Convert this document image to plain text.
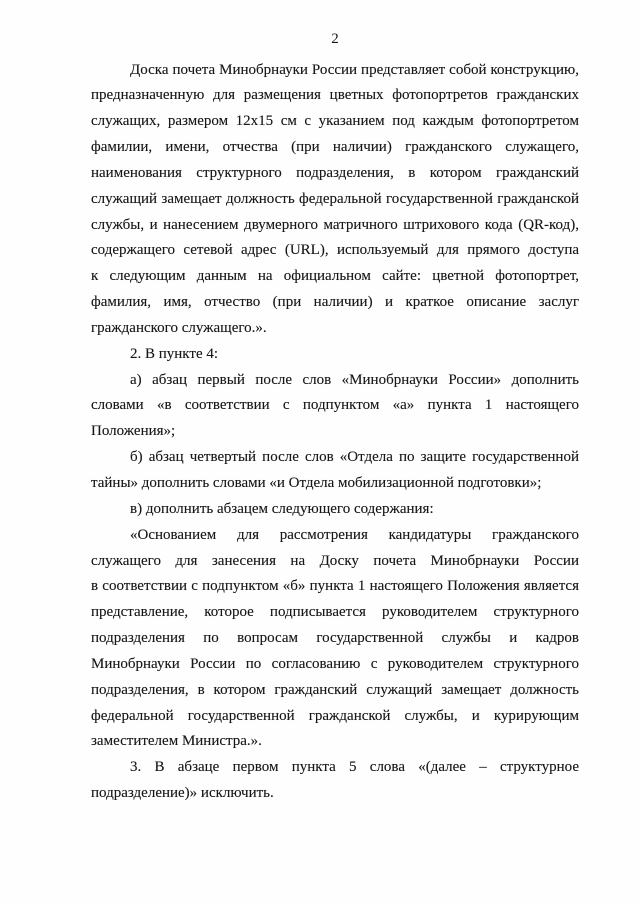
2
Доска почета Минобрнауки России представляет собой конструкцию,
предназначенную для размещения цветных фотопортретов гражданских
служащих, размером 12х15 см с указанием под каждым фотопортретом
фамилии, имени, отчества (при наличии) гражданского служащего,
наименования структурного подразделения, в котором гражданский
служащий замещает должность федеральной государственной гражданской
службы, и нанесением двумерного матричного штрихового кода (QR-код),
содержащего сетевой адрес (URL), используемый для прямого доступа
к следующим данным на официальном сайте: цветной фотопортрет,
фамилия, имя, отчество (при наличии) и краткое описание заслуг
гражданского служащего.».
2. В пункте 4:
а) абзац первый после слов «Минобрнауки России» дополнить
словами «в соответствии с подпунктом «а» пункта 1 настоящего
Положения»;
б) абзац четвертый после слов «Отдела по защите государственной
тайны» дополнить словами «и Отдела мобилизационной подготовки»;
в) дополнить абзацем следующего содержания:
«Основанием для рассмотрения кандидатуры гражданского
служащего для занесения на Доску почета Минобрнауки России
в соответствии с подпунктом «б» пункта 1 настоящего Положения является
представление, которое подписывается руководителем структурного
подразделения по вопросам государственной службы и кадров
Минобрнауки России по согласованию с руководителем структурного
подразделения, в котором гражданский служащий замещает должность
федеральной государственной гражданской службы, и курирующим
заместителем Министра.».
3. В абзаце первом пункта 5 слова «(далее – структурное
подразделение)» исключить.
